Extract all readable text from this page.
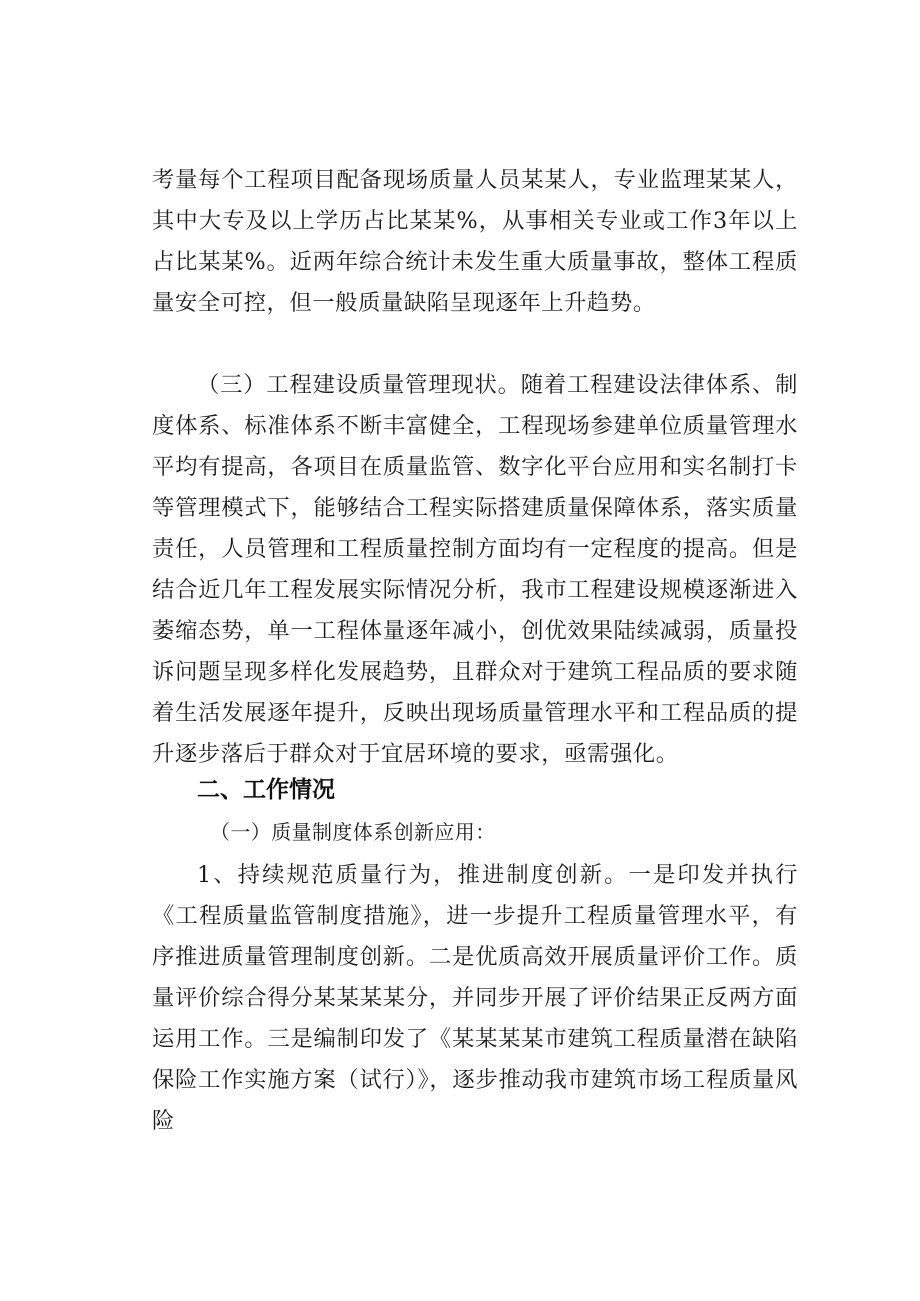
考量每个工程项目配备现场质量人员某某人，专业监理某某人，其中大专及以上学历占比某某%，从事相关专业或工作3年以上占比某某%。近两年综合统计未发生重大质量事故，整体工程质量安全可控，但一般质量缺陷呈现逐年上升趋势。

（三）工程建设质量管理现状。随着工程建设法律体系、制度体系、标准体系不断丰富健全，工程现场参建单位质量管理水平均有提高，各项目在质量监管、数字化平台应用和实名制打卡等管理模式下，能够结合工程实际搭建质量保障体系，落实质量责任，人员管理和工程质量控制方面均有一定程度的提高。但是结合近几年工程发展实际情况分析，我市工程建设规模逐渐进入萎缩态势，单一工程体量逐年减小，创优效果陆续减弱，质量投诉问题呈现多样化发展趋势，且群众对于建筑工程品质的要求随着生活发展逐年提升，反映出现场质量管理水平和工程品质的提升逐步落后于群众对于宜居环境的要求，亟需强化。

二、工作情况

（一）质量制度体系创新应用：

1、持续规范质量行为，推进制度创新。一是印发并执行《工程质量监管制度措施》，进一步提升工程质量管理水平，有序推进质量管理制度创新。二是优质高效开展质量评价工作。质量评价综合得分某某某某分，并同步开展了评价结果正反两方面运用工作。三是编制印发了《某某某某市建筑工程质量潜在缺陷保险工作实施方案（试行）》，逐步推动我市建筑市场工程质量风险
